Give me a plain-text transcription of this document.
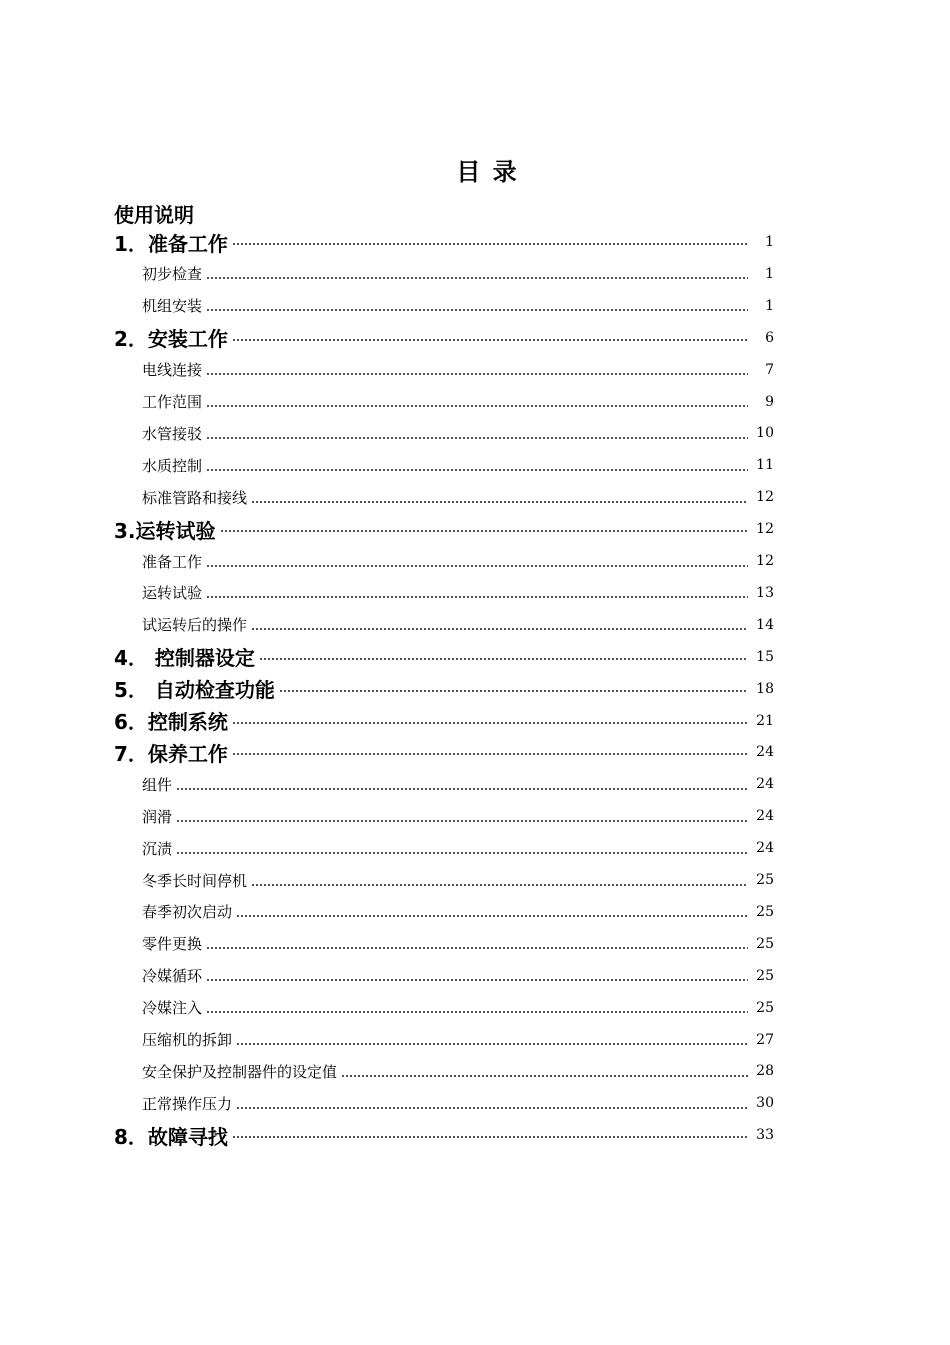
目 录
使用说明
1．准备工作	1
初步检查	1
机组安装	1
2．安装工作	6
电线连接	7
工作范围	9
水管接驳	10
水质控制	11
标准管路和接线	12
3.运转试验	12
准备工作	12
运转试验	13
试运转后的操作	14
4． 控制器设定	15
5． 自动检查功能	18
6．控制系统	21
7．保养工作	24
组件	24
润滑	24
沉渍	24
冬季长时间停机	25
春季初次启动	25
零件更换	25
冷媒循环	25
冷媒注入	25
压缩机的拆卸	27
安全保护及控制器件的设定值	28
正常操作压力	30
8．故障寻找	33
